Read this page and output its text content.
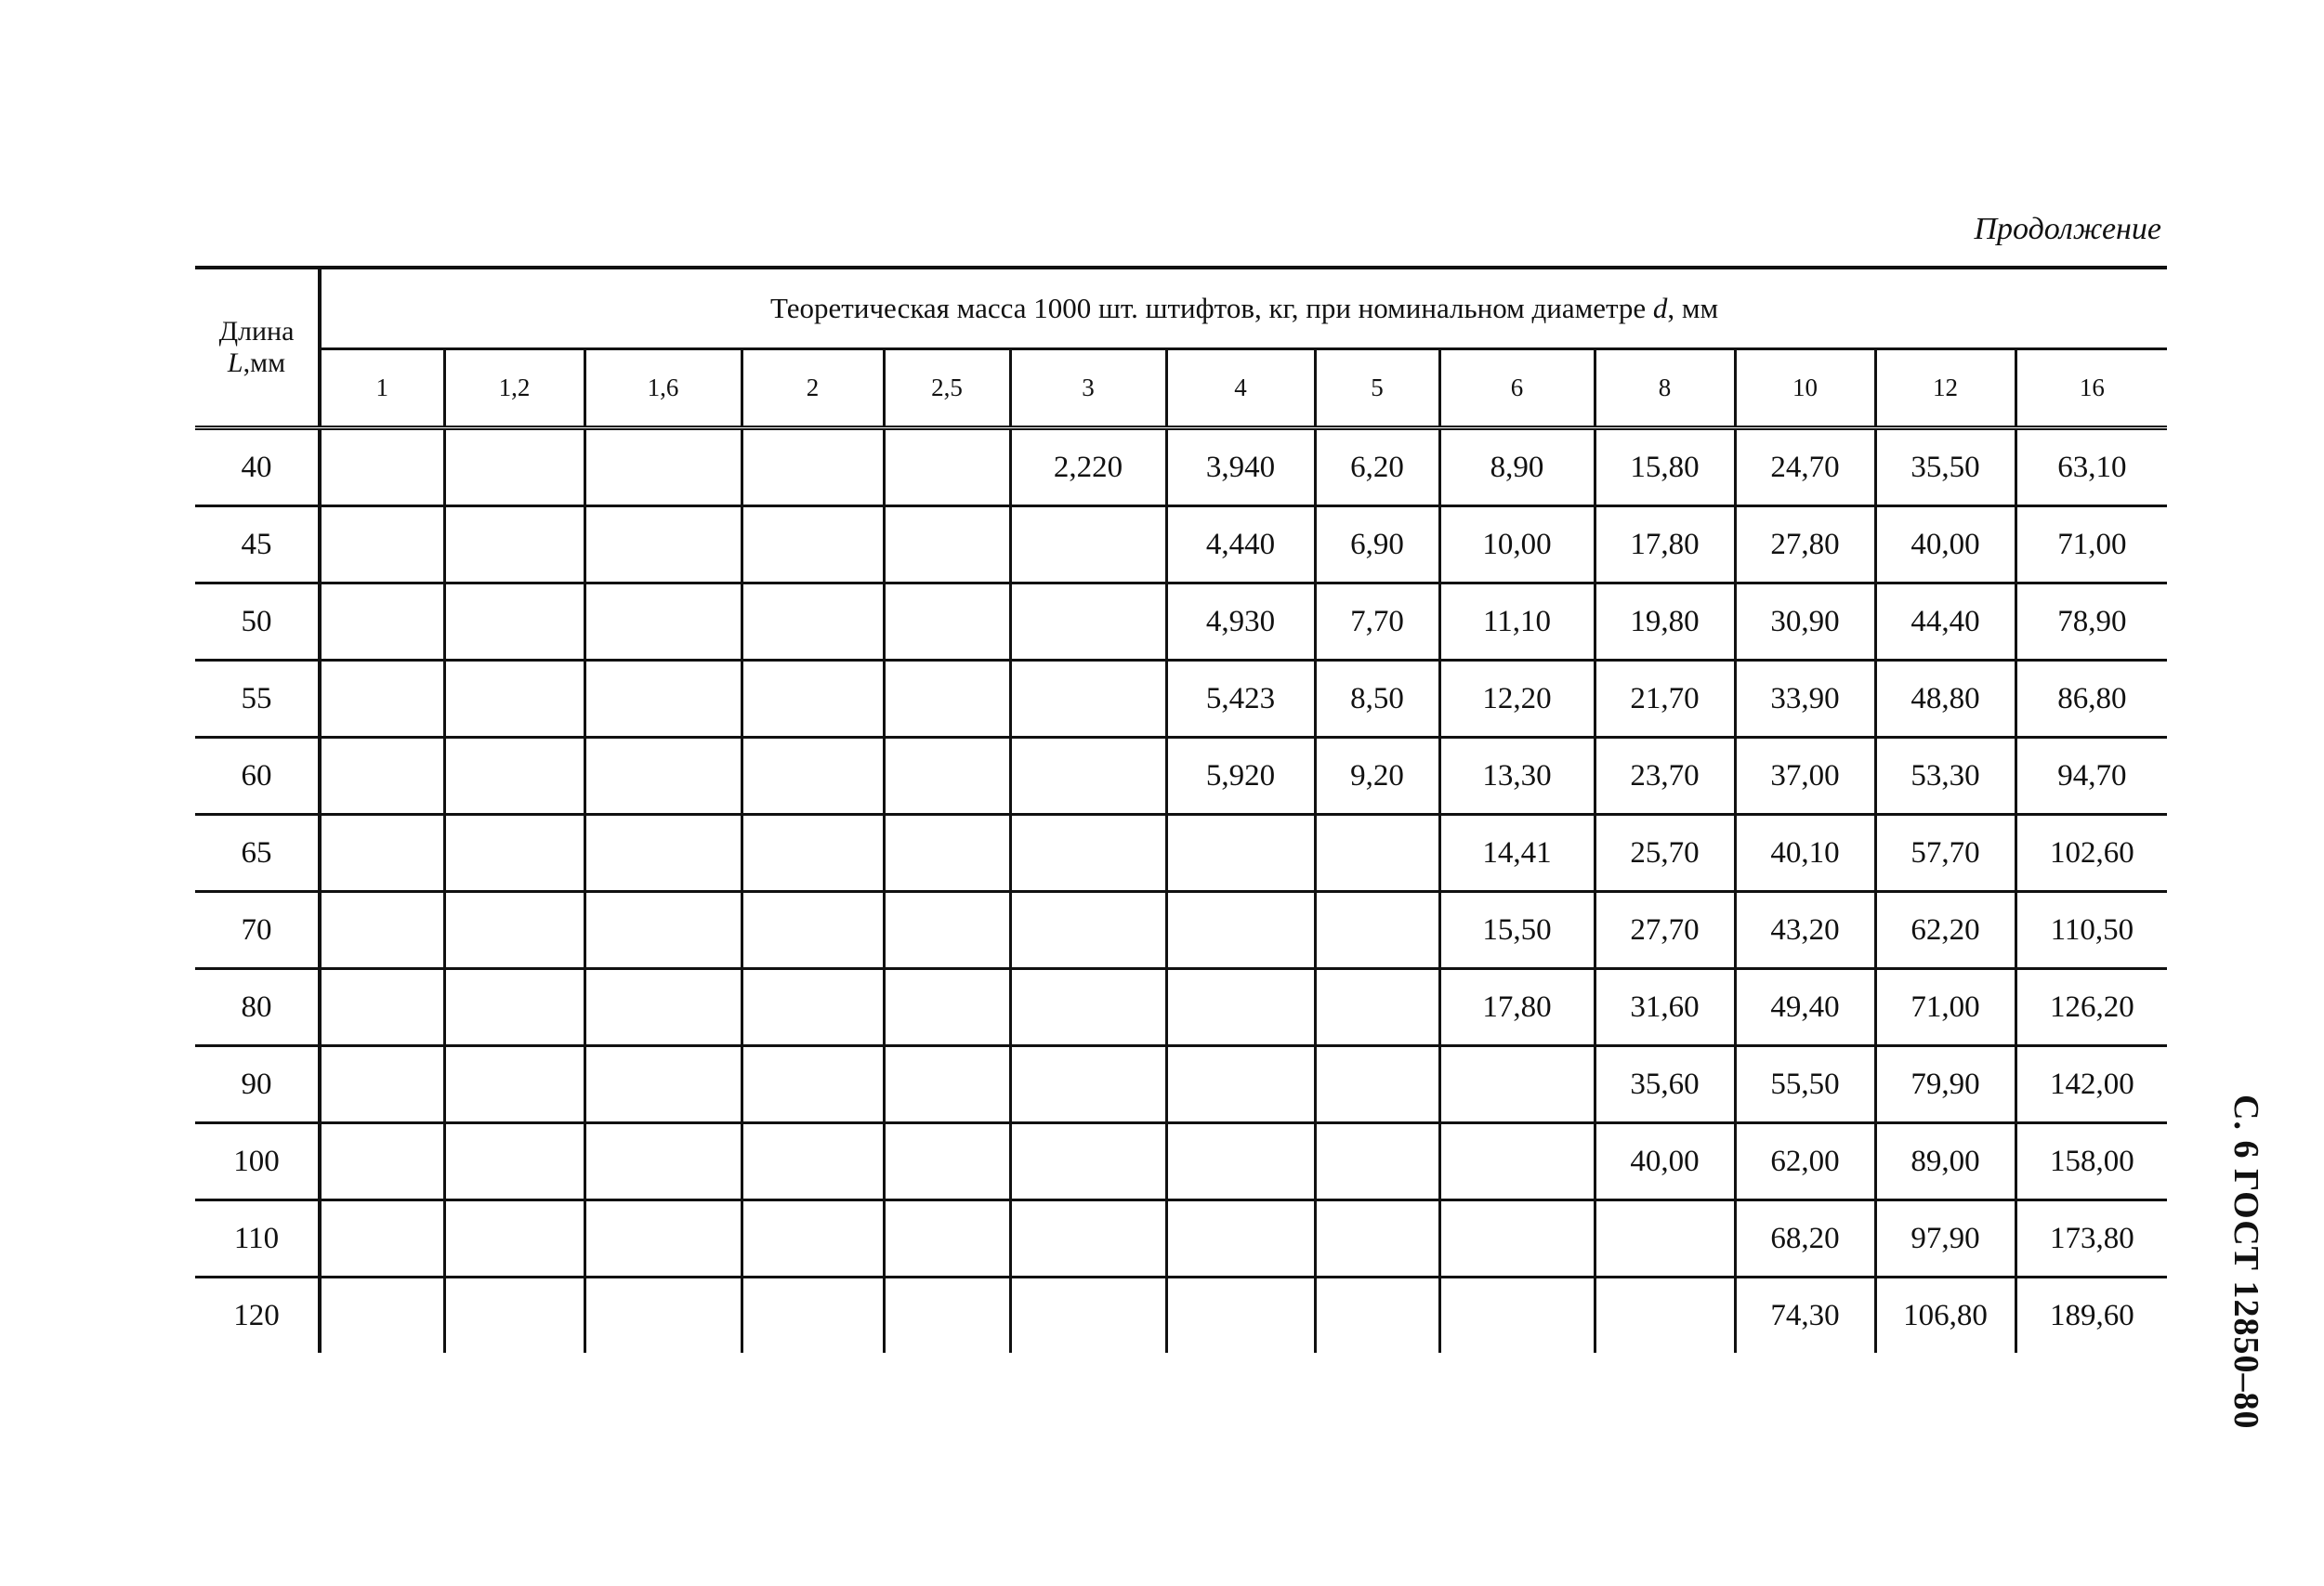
Продолжение
Длина
L,мм	Теоретическая масса 1000 шт. штифтов, кг, при номинальном диаметре d, мм												
	1	1,2	1,6	2	2,5	3	4	5	6	8	10	12	16
40						2,220	3,940	6,20	8,90	15,80	24,70	35,50	63,10
45							4,440	6,90	10,00	17,80	27,80	40,00	71,00
50							4,930	7,70	11,10	19,80	30,90	44,40	78,90
55							5,423	8,50	12,20	21,70	33,90	48,80	86,80
60							5,920	9,20	13,30	23,70	37,00	53,30	94,70
65									14,41	25,70	40,10	57,70	102,60
70									15,50	27,70	43,20	62,20	110,50
80									17,80	31,60	49,40	71,00	126,20
90										35,60	55,50	79,90	142,00
100										40,00	62,00	89,00	158,00
110											68,20	97,90	173,80
120											74,30	106,80	189,60	С. 6 ГОСТ 12850–80
